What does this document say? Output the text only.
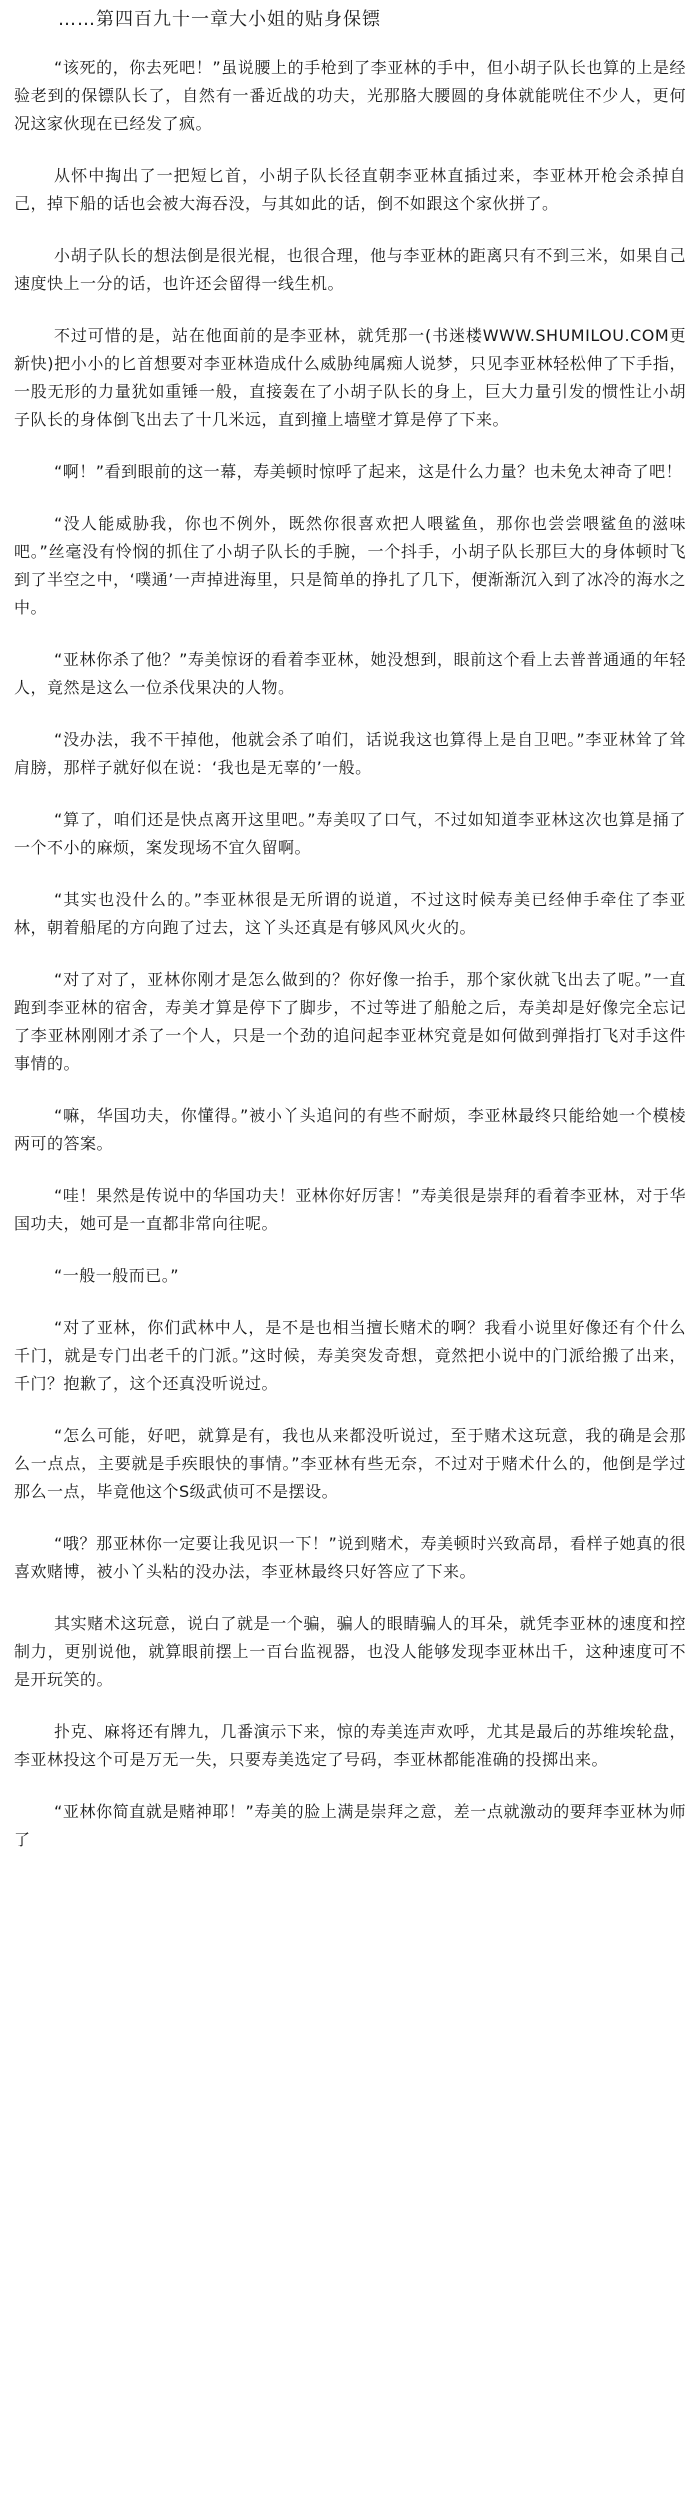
……第四百九十一章大小姐的贴身保镖

“该死的，你去死吧！”虽说腰上的手枪到了李亚林的手中，但小胡子队长也算的上是经验老到的保镖队长了，自然有一番近战的功夫，光那胳大腰圆的身体就能咣住不少人，更何况这家伙现在已经发了疯。

从怀中掏出了一把短匕首，小胡子队长径直朝李亚林直插过来，李亚林开枪会杀掉自己，掉下船的话也会被大海吞没，与其如此的话，倒不如跟这个家伙拼了。

小胡子队长的想法倒是很光棍，也很合理，他与李亚林的距离只有不到三米，如果自己速度快上一分的话，也许还会留得一线生机。

不过可惜的是，站在他面前的是李亚林，就凭那一(书迷楼WWW.SHUMILOU.COM更新快)把小小的匕首想要对李亚林造成什么威胁纯属痴人说梦，只见李亚林轻松伸了下手指，一股无形的力量犹如重锤一般，直接轰在了小胡子队长的身上，巨大力量引发的惯性让小胡子队长的身体倒飞出去了十几米远，直到撞上墙壁才算是停了下来。

“啊！”看到眼前的这一幕，寿美顿时惊呼了起来，这是什么力量？也未免太神奇了吧！

“没人能威胁我，你也不例外，既然你很喜欢把人喂鲨鱼，那你也尝尝喂鲨鱼的滋味吧。”丝毫没有怜悯的抓住了小胡子队长的手腕，一个抖手，小胡子队长那巨大的身体顿时飞到了半空之中，‘噗通’一声掉进海里，只是简单的挣扎了几下，便渐渐沉入到了冰冷的海水之中。

“亚林你杀了他？”寿美惊讶的看着李亚林，她没想到，眼前这个看上去普普通通的年轻人，竟然是这么一位杀伐果决的人物。

“没办法，我不干掉他，他就会杀了咱们，话说我这也算得上是自卫吧。”李亚林耸了耸肩膀，那样子就好似在说：‘我也是无辜的’一般。

“算了，咱们还是快点离开这里吧。”寿美叹了口气，不过如知道李亚林这次也算是捅了一个不小的麻烦，案发现场不宜久留啊。

“其实也没什么的。”李亚林很是无所谓的说道，不过这时候寿美已经伸手牵住了李亚林，朝着船尾的方向跑了过去，这丫头还真是有够风风火火的。

“对了对了，亚林你刚才是怎么做到的？你好像一抬手，那个家伙就飞出去了呢。”一直跑到李亚林的宿舍，寿美才算是停下了脚步，不过等进了船舱之后，寿美却是好像完全忘记了李亚林刚刚才杀了一个人，只是一个劲的追问起李亚林究竟是如何做到弹指打飞对手这件事情的。

“嘛，华国功夫，你懂得。”被小丫头追问的有些不耐烦，李亚林最终只能给她一个模棱两可的答案。

“哇！果然是传说中的华国功夫！亚林你好厉害！”寿美很是崇拜的看着李亚林，对于华国功夫，她可是一直都非常向往呢。

“一般一般而已。”

“对了亚林，你们武林中人，是不是也相当擅长赌术的啊？我看小说里好像还有个什么千门，就是专门出老千的门派。”这时候，寿美突发奇想，竟然把小说中的门派给搬了出来，千门？抱歉了，这个还真没听说过。

“怎么可能，好吧，就算是有，我也从来都没听说过，至于赌术这玩意，我的确是会那么一点点，主要就是手疾眼快的事情。”李亚林有些无奈，不过对于赌术什么的，他倒是学过那么一点，毕竟他这个S级武侦可不是摆设。

“哦？那亚林你一定要让我见识一下！”说到赌术，寿美顿时兴致高昂，看样子她真的很喜欢赌博，被小丫头粘的没办法，李亚林最终只好答应了下来。

其实赌术这玩意，说白了就是一个骗，骗人的眼睛骗人的耳朵，就凭李亚林的速度和控制力，更别说他，就算眼前摆上一百台监视器，也没人能够发现李亚林出千，这种速度可不是开玩笑的。

扑克、麻将还有牌九，几番演示下来，惊的寿美连声欢呼，尤其是最后的苏维埃轮盘，李亚林投这个可是万无一失，只要寿美选定了号码，李亚林都能准确的投掷出来。

“亚林你简直就是赌神耶！”寿美的脸上满是崇拜之意，差一点就激动的要拜李亚林为师了
